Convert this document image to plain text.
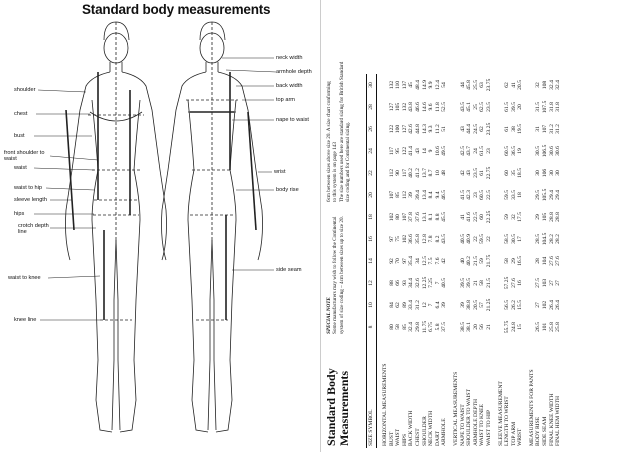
Standard body measurements
shoulder
chest
bust
front shoulder to waist
waist
waist to hip
sleeve length
hips
crotch depth line
waist to knee
knee line
neck width
armhole depth
back width
top arm
nape to waist
wrist
body rise
side seam
Standard Body Measurements
SPECIAL NOTE Some manufacturers may wish to follow the Continental system of size coding – 4cm between sizes up to size 20.
6cm between sizes above size 20. A size chart conforming to this system is on page 143 The size numbers used here are standard sizing for British Standard size coding and for Continental sizing.
SIZE SYMBOL	8	10	12	14	16	18	20	22	24	26	28	30

HORIZONTAL MEASUREMENTS												
BUST	80	84	88	92	97	102	107	112	117	122	127	132
WAIST	58	62	66	70	75	80	85	90	95	100	105	110
HIPS	85	89	93	97	102	107	112	117	122	127	132	137
BACK WIDTH	32.4	33.4	34.4	35.4	36.6	37.8	39	40.2	41.4	42.6	43.8	45
CHEST	29.8	31.2	32.6	34	35.8	37.6	39.4	41.2	43	44.8	46.6	48.4
SHOULDER	11.75	12	12.25	12.5	12.8	13.1	13.4	13.7	14	14.3	14.6	14.9
NECK WIDTH	6.75	7	7.25	7.5	7.8	8.1	8.4	8.7	9	9.3	9.6	9.9
DART	5.8	6.4	7	7.6	8.2	8.8	9.4	10	10.6	11.2	11.8	12.4
ARMHOLE	37.5	39	40.5	42	43.5	45.5	46.5	48	49.5	51	52.5	54

VERTICAL MEASUREMENTS												
NAPE TO WAIST	38.5	39	39.5	40	40.5	41	41.5	42	42.5	43	43.5	44
SHOULDER TO WAIST	38.1	38.8	39.5	40.2	40.9	41.6	42.3	43	43.7	44.4	45.1	45.8
ARMHOLE DEPTH	20	20.5	21	21.5	22	22.5	23	23.5	24	24.5	25	25.5
WAIST TO KNEE	56	57	58	59	59.5	60	60.5	61	61.5	62	62.5	63
WAIST TO HIP	21	21.25	21.5	21.75	22	22.25	22.5	22.75	23	23.25	23.5	23.75

SLEEVE MEASUREMENT												
LENGTH TO WRIST	55.75	56.5	57.25	58	58.5	59	59.5	60	60.5	61	61.5	62
TOP ARM	24.8	26.2	27.6	29	30.5	32	33.5	35	36.5	38	39.5	41
WRIST	15	15.5	16	16.5	17	17.5	18	18.5	19	19.5	20	20.5

MEASUREMENTS FOR PANTS												
BODY RISE	26.5	27	27.5	28	28.5	29	29.5	30	30.5	31	31.5	32
SIDE SEAM	101	102	103	104	104.5	105	105.5	106	106.5	107	107.5	108
FINAL KNEE WIDTH	25.8	26.4	27	27.6	28.2	28.8	29.4	30	30.6	31.2	31.8	32.4
FINAL HEM WIDTH	25.8	26.4	27	27.6	28.2	28.8	29.4	30	30.6	31.2	31.8	32.4
